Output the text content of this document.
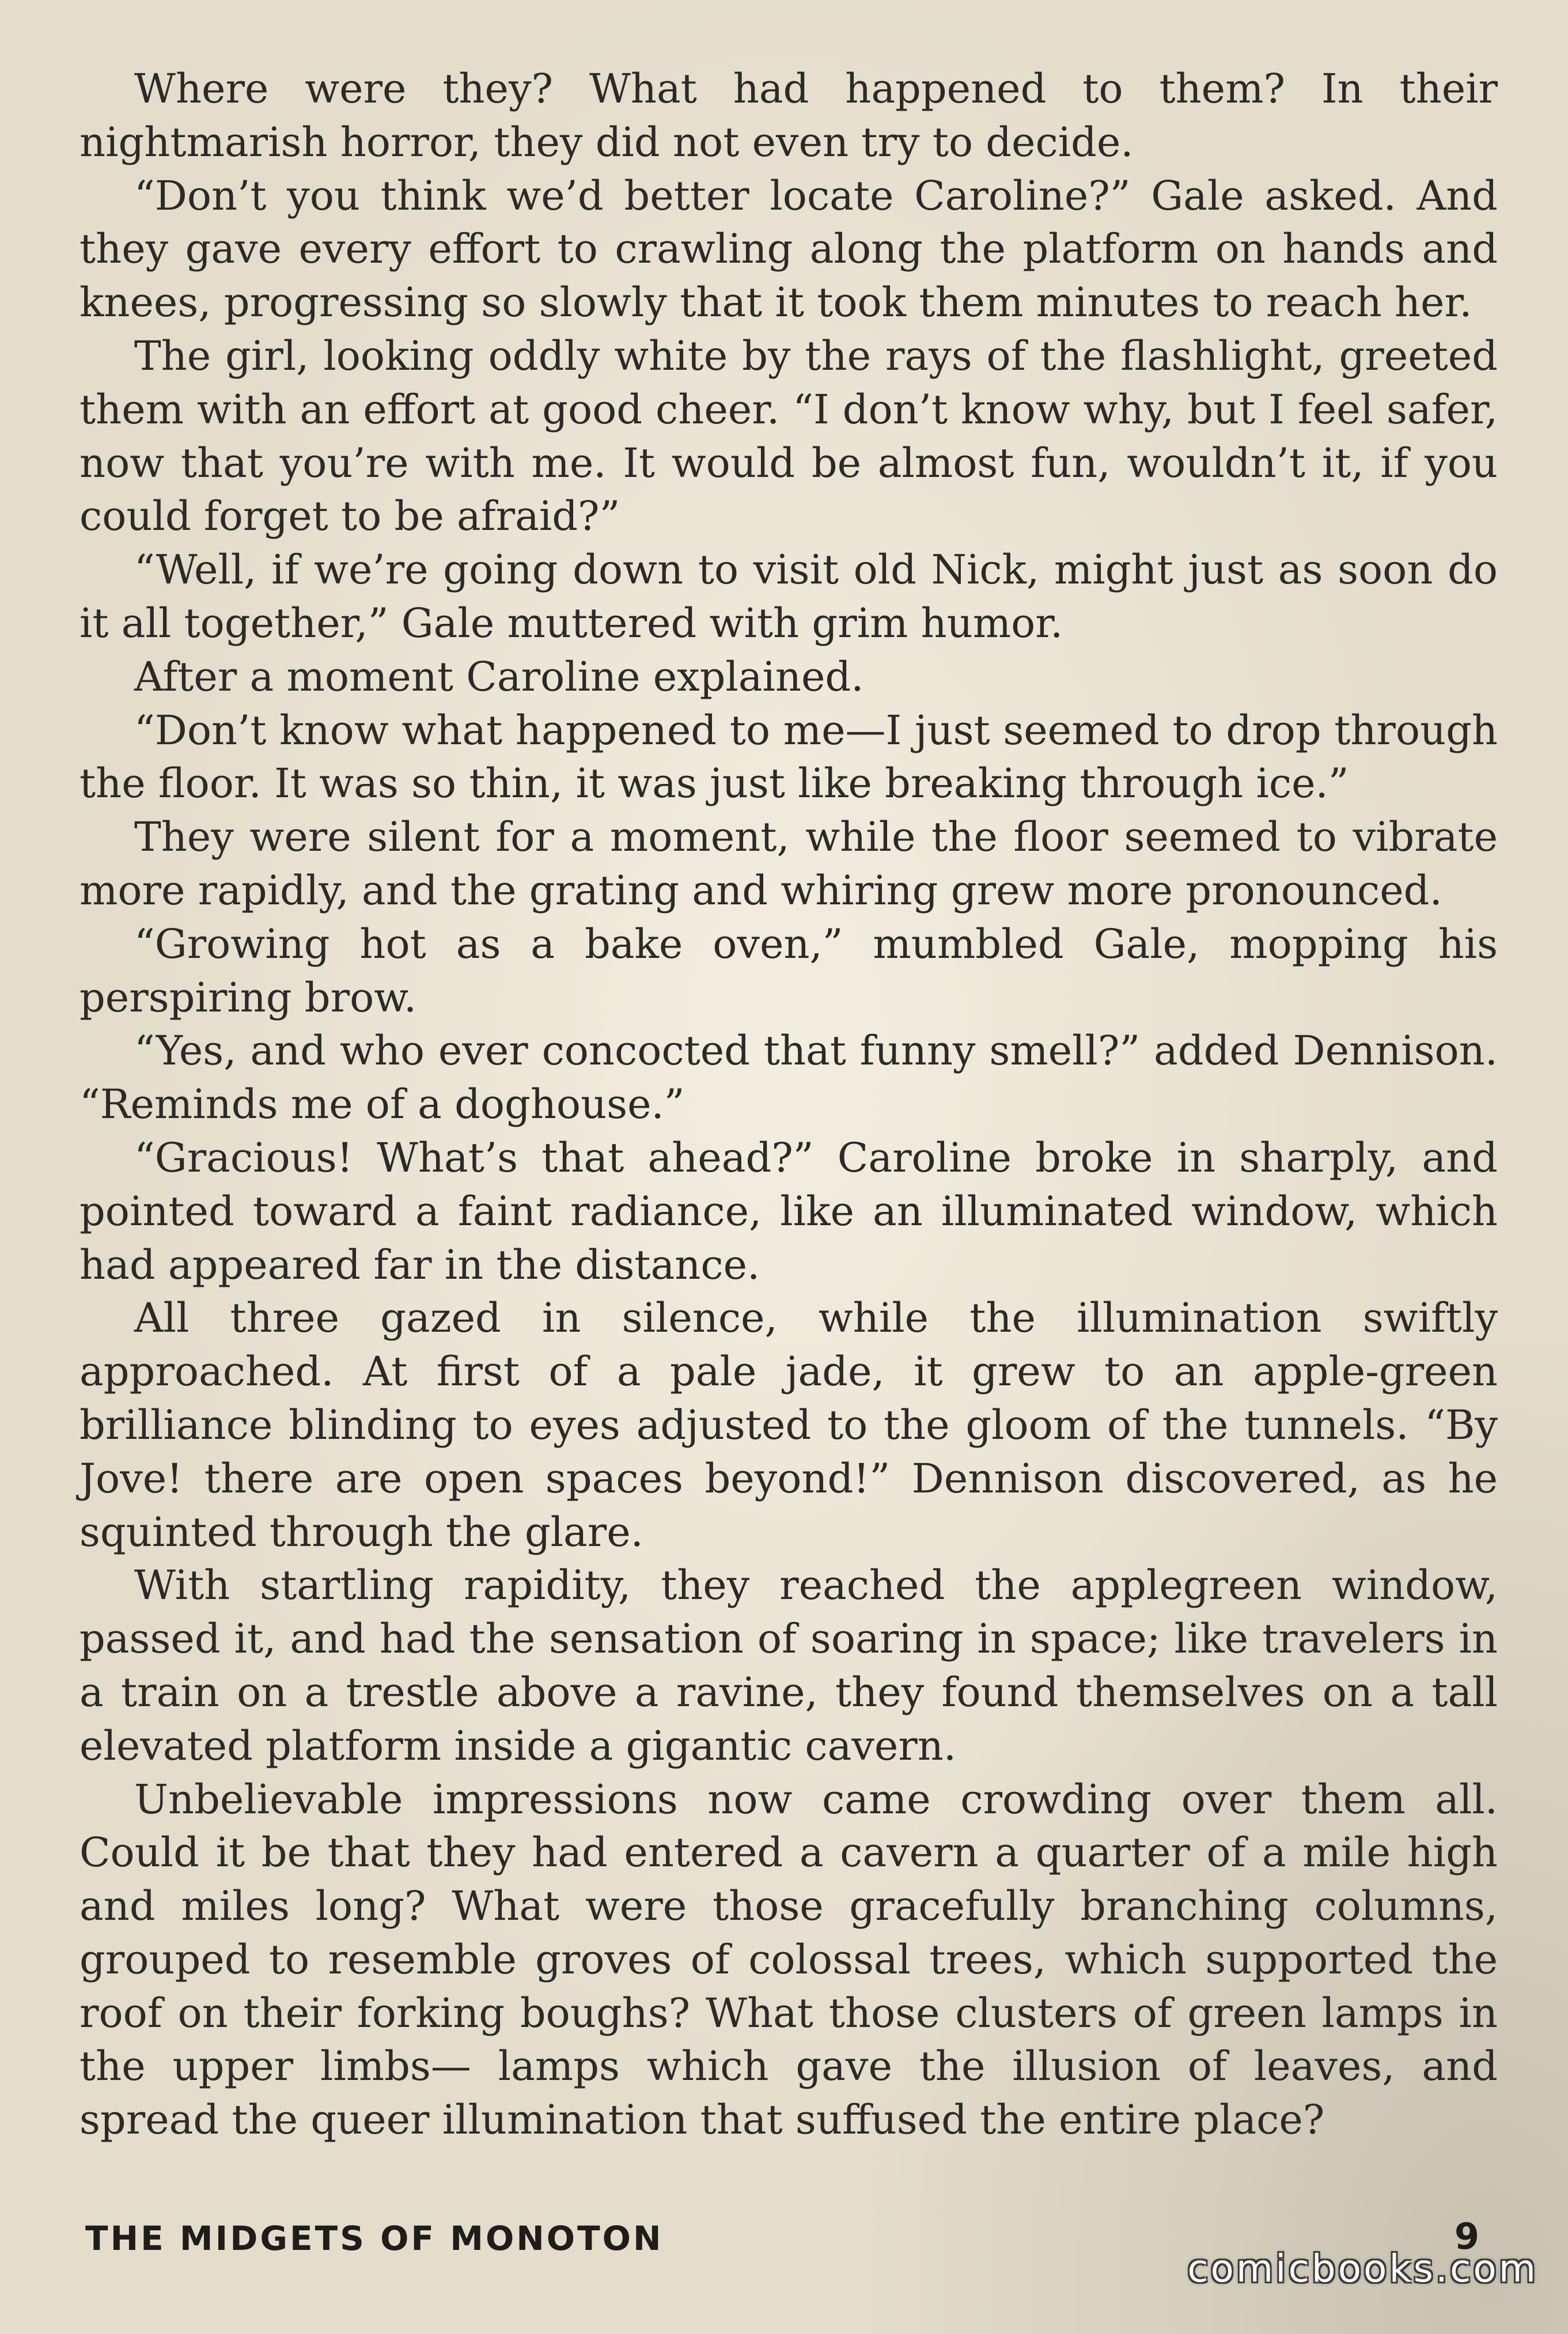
Where were they? What had happened to them? In their nightmarish horror, they did not even try to decide.

“Don’t you think we’d better locate Caroline?” Gale asked. And they gave every effort to crawling along the platform on hands and knees, progressing so slowly that it took them minutes to reach her.

The girl, looking oddly white by the rays of the flashlight, greeted them with an effort at good cheer. “I don’t know why, but I feel safer, now that you’re with me. It would be almost fun, wouldn’t it, if you could forget to be afraid?”

“Well, if we’re going down to visit old Nick, might just as soon do it all together,” Gale muttered with grim humor.

After a moment Caroline explained.

“Don’t know what happened to me—I just seemed to drop through the floor. It was so thin, it was just like breaking through ice.”

They were silent for a moment, while the floor seemed to vibrate more rapidly, and the grating and whiring grew more pronounced.

“Growing hot as a bake oven,” mumbled Gale, mopping his perspiring brow.

“Yes, and who ever concocted that funny smell?” added Dennison. “Reminds me of a doghouse.”

“Gracious! What’s that ahead?” Caroline broke in sharply, and pointed toward a faint radiance, like an illuminated window, which had appeared far in the distance.

All three gazed in silence, while the illumination swiftly approached. At first of a pale jade, it grew to an apple-green brilliance blinding to eyes adjusted to the gloom of the tunnels. “By Jove! there are open spaces beyond!” Dennison discovered, as he squinted through the glare.

With startling rapidity, they reached the applegreen window, passed it, and had the sensation of soaring in space; like travelers in a train on a trestle above a ravine, they found themselves on a tall elevated platform inside a gigantic cavern.

Unbelievable impressions now came crowding over them all. Could it be that they had entered a cavern a quarter of a mile high and miles long? What were those gracefully branching columns, grouped to resemble groves of colossal trees, which supported the roof on their forking boughs? What those clusters of green lamps in the upper limbs— lamps which gave the illusion of leaves, and spread the queer illumination that suffused the entire place?

THE MIDGETS OF MONOTON	9
comicbooks.com
